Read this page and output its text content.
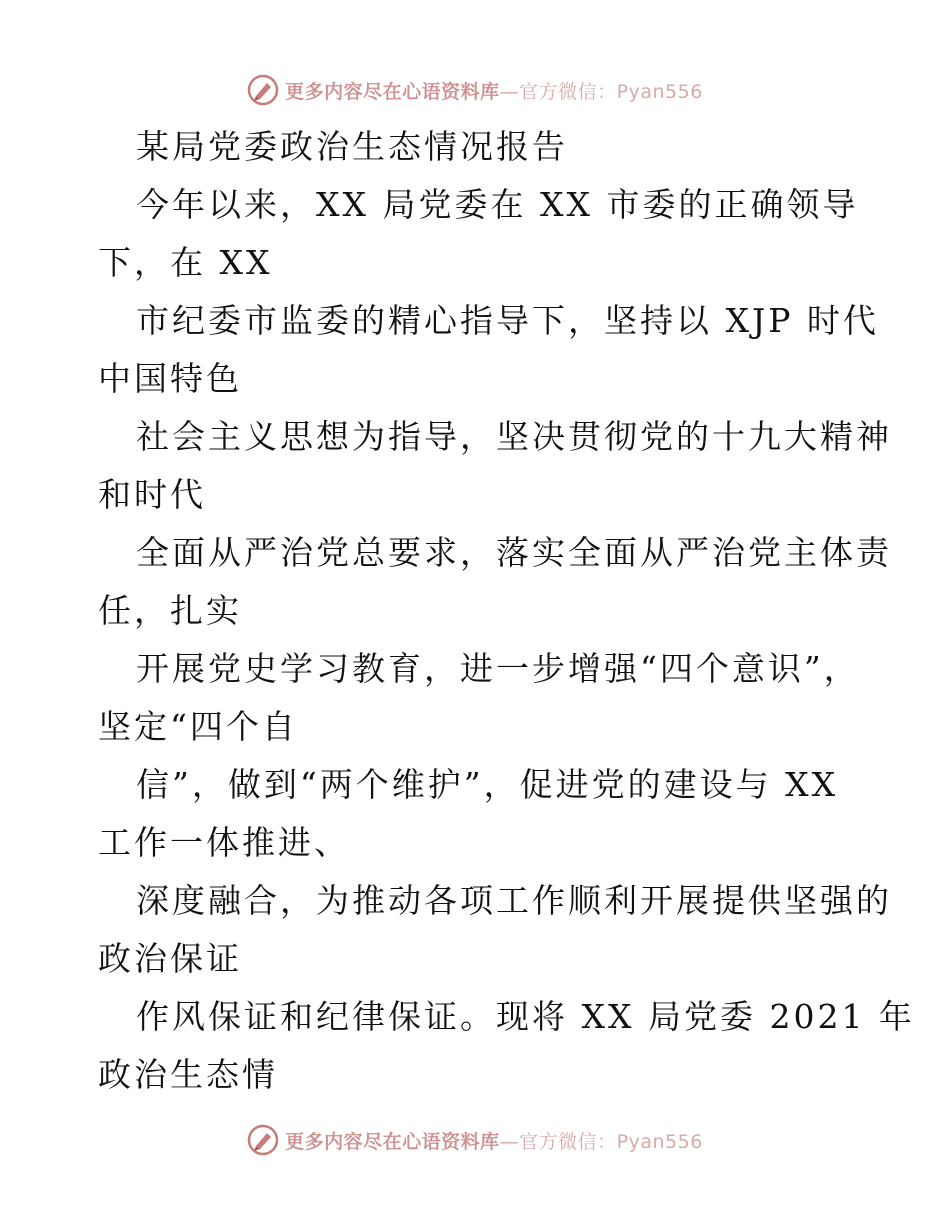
更多内容尽在心语资料库—官方微信：Pyan556
某局党委政治生态情况报告
今年以来，XX 局党委在 XX 市委的正确领导
下，在 XX
市纪委市监委的精心指导下，坚持以 XJP 时代
中国特色
社会主义思想为指导，坚决贯彻党的十九大精神
和时代
全面从严治党总要求，落实全面从严治党主体责
任，扎实
开展党史学习教育，进一步增强“四个意识”，
坚定“四个自
信”，做到“两个维护”，促进党的建设与 XX
工作一体推进、
深度融合，为推动各项工作顺利开展提供坚强的
政治保证
作风保证和纪律保证。现将 XX 局党委 2021 年
政治生态情
更多内容尽在心语资料库—官方微信：Pyan556
